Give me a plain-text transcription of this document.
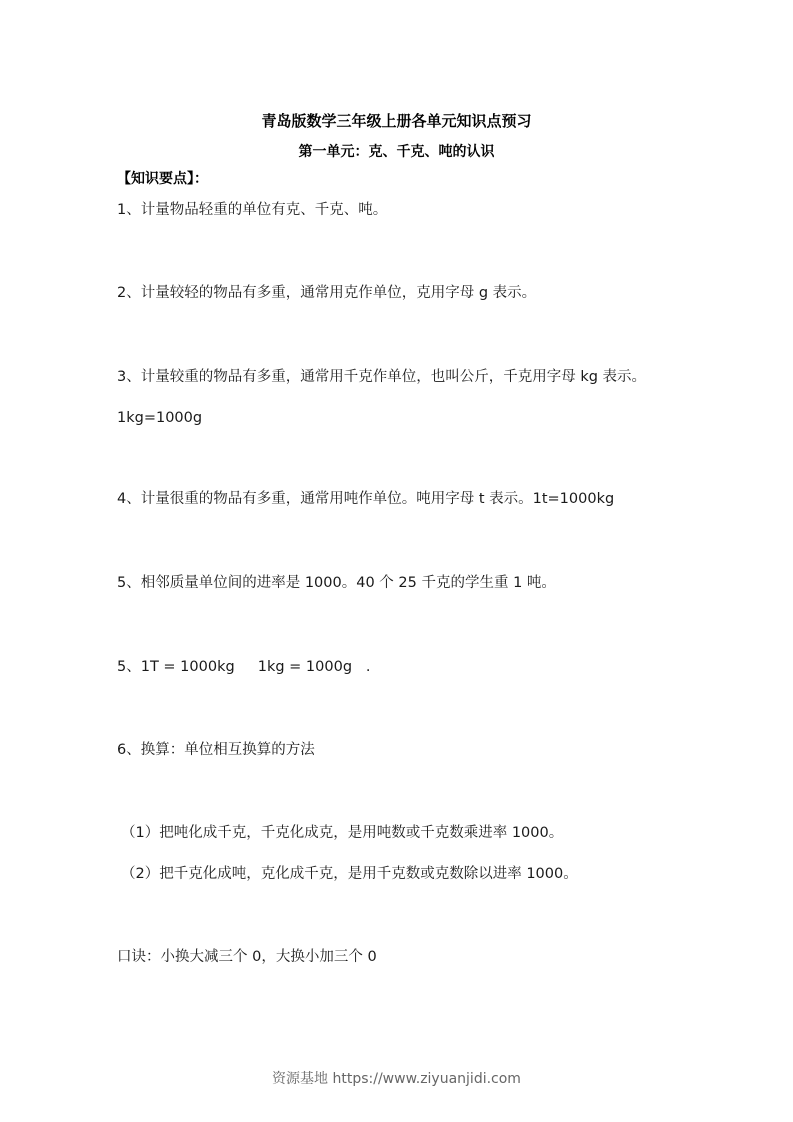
青岛版数学三年级上册各单元知识点预习
第一单元：克、千克、吨的认识
【知识要点】：
1、计量物品轻重的单位有克、千克、吨。
2、计量较轻的物品有多重，通常用克作单位，克用字母 g 表示。
3、计量较重的物品有多重，通常用千克作单位，也叫公斤，千克用字母 kg 表示。
1kg=1000g
4、计量很重的物品有多重，通常用吨作单位。吨用字母 t 表示。1t=1000kg
5、相邻质量单位间的进率是 1000。40 个 25 千克的学生重 1 吨。
5、1T = 1000kg     1kg = 1000g   .
6、换算：单位相互换算的方法
（1）把吨化成千克，千克化成克，是用吨数或千克数乘进率 1000。
（2）把千克化成吨，克化成千克，是用千克数或克数除以进率 1000。
口诀：小换大减三个 0，大换小加三个 0
资源基地 https://www.ziyuanjidi.com
